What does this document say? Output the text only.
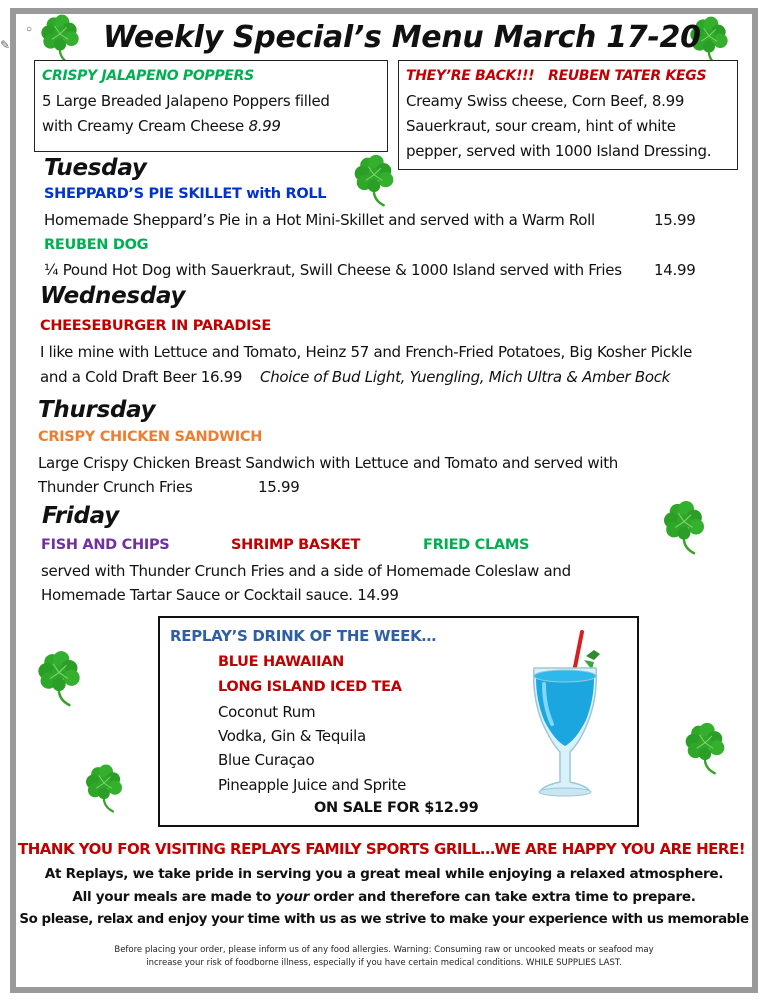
✎
○ Weekly Special’s Menu March 17-20
CRISPY JALAPENO POPPERS
5 Large Breaded Jalapeno Poppers filled
with Creamy Cream Cheese 8.99
THEY’RE BACK!!! REUBEN TATER KEGS
Creamy Swiss cheese, Corn Beef, 8.99
Sauerkraut, sour cream, hint of white
pepper, served with 1000 Island Dressing.
Tuesday
SHEPPARD’S PIE SKILLET with ROLL
Homemade Sheppard’s Pie in a Hot Mini-Skillet and served with a Warm Roll	15.99
REUBEN DOG
¼ Pound Hot Dog with Sauerkraut, Swill Cheese & 1000 Island served with Fries 14.99
Wednesday
CHEESEBURGER IN PARADISE
I like mine with Lettuce and Tomato, Heinz 57 and French-Fried Potatoes, Big Kosher Pickle
and a Cold Draft Beer 16.99 Choice of Bud Light, Yuengling, Mich Ultra & Amber Bock
Thursday
CRISPY CHICKEN SANDWICH
Large Crispy Chicken Breast Sandwich with Lettuce and Tomato and served with
Thunder Crunch Fries	15.99
Friday
FISH AND CHIPS	SHRIMP BASKET	FRIED CLAMS
served with Thunder Crunch Fries and a side of Homemade Coleslaw and
Homemade Tartar Sauce or Cocktail sauce. 14.99
REPLAY’S DRINK OF THE WEEK…
BLUE HAWAIIAN
LONG ISLAND ICED TEA
Coconut Rum
Vodka, Gin & Tequila
Blue Curaçao
Pineapple Juice and Sprite
ON SALE FOR $12.99
THANK YOU FOR VISITING REPLAYS FAMILY SPORTS GRILL…WE ARE HAPPY YOU ARE HERE!
At Replays, we take pride in serving you a great meal while enjoying a relaxed atmosphere.
All your meals are made to your order and therefore can take extra time to prepare.
So please, relax and enjoy your time with us as we strive to make your experience with us memorable
Before placing your order, please inform us of any food allergies. Warning: Consuming raw or uncooked meats or seafood may
increase your risk of foodborne illness, especially if you have certain medical conditions. WHILE SUPPLIES LAST.
